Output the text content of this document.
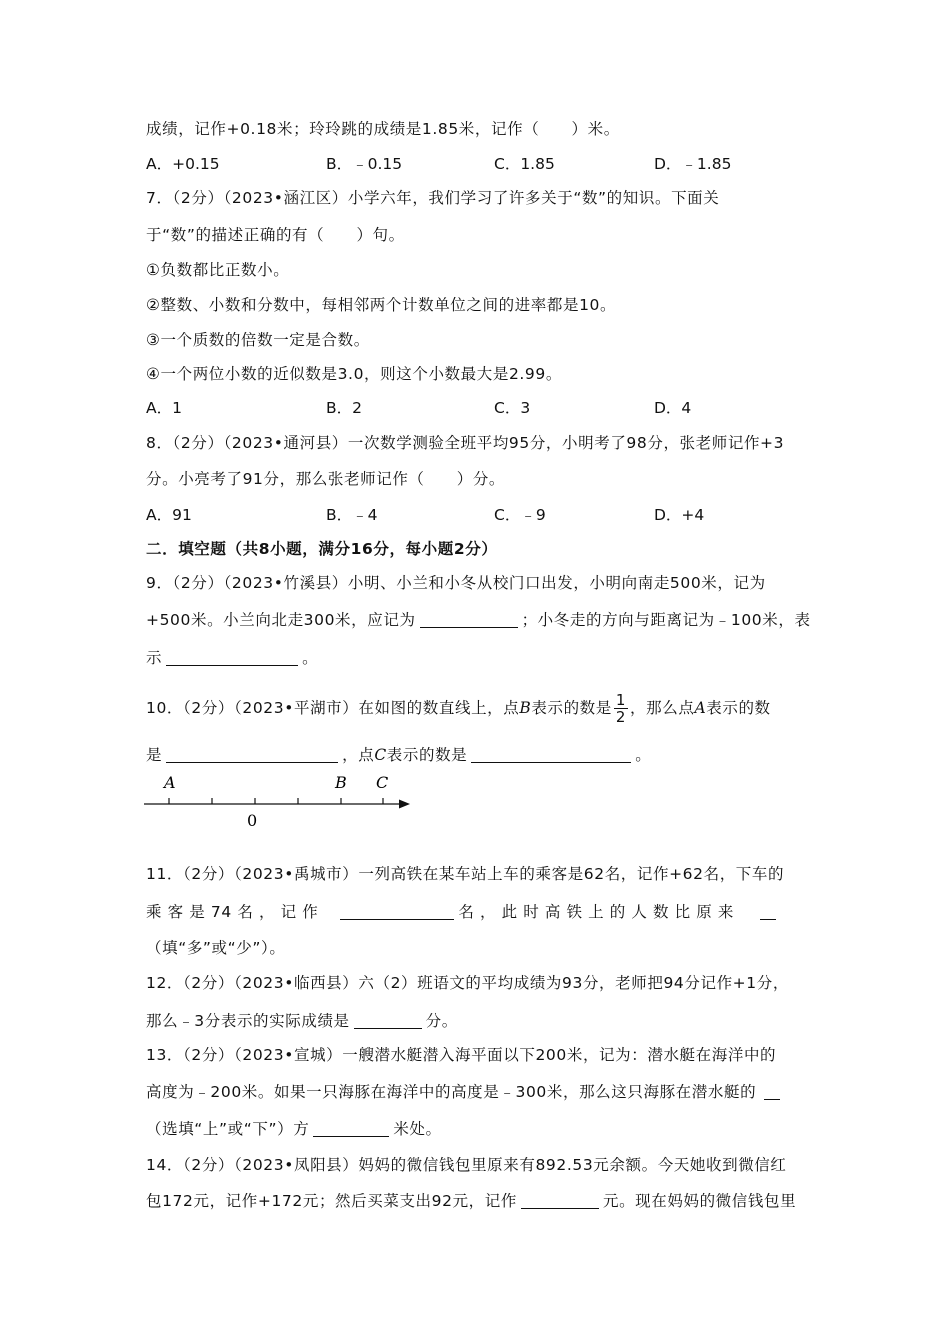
成绩，记作+0.18米；玲玲跳的成绩是1.85米，记作（　　）米。
A．+0.15	B．﹣0.15	C．1.85	D．﹣1.85
7．（2分）（2023•涵江区）小学六年，我们学习了许多关于“数”的知识。下面关
于“数”的描述正确的有（　　）句。
①负数都比正数小。
②整数、小数和分数中，每相邻两个计数单位之间的进率都是10。
③一个质数的倍数一定是合数。
④一个两位小数的近似数是3.0，则这个小数最大是2.99。
A．1	B．2	C．3	D．4
8．（2分）（2023•通河县）一次数学测验全班平均95分，小明考了98分，张老师记作+3
分。小亮考了91分，那么张老师记作（　　）分。
A．91	B．﹣4	C．﹣9	D．+4
二．填空题（共8小题，满分16分，每小题2分）
9．（2分）（2023•竹溪县）小明、小兰和小冬从校门口出发，小明向南走500米，记为
+500米。小兰向北走300米，应记为	；小冬走的方向与距离记为﹣100米，表
示	。
10．（2分）（2023•平湖市）在如图的数直线上，点B表示的数是 $\frac{1}{2}$ ，那么点A表示的数
是	，点C表示的数是	。
A	B C
0
11．（2分）（2023•禹城市）一列高铁在某车站上车的乘客是62名，记作+62名，下车的
乘 客 是 74 名 ， 记 作	名 ， 此 时 高 铁 上 的 人 数 比 原 来
（填“多”或“少”）。
12．（2分）（2023•临西县）六（2）班语文的平均成绩为93分，老师把94分记作+1分，
那么﹣3分表示的实际成绩是	分。
13．（2分）（2023•宣城）一艘潜水艇潜入海平面以下200米，记为：潜水艇在海洋中的
高度为﹣200米。如果一只海豚在海洋中的高度是﹣300米，那么这只海豚在潜水艇的
（选填“上”或“下”）方	米处。
14．（2分）（2023•凤阳县）妈妈的微信钱包里原来有892.53元余额。今天她收到微信红
包172元，记作+172元；然后买菜支出92元，记作	元。现在妈妈的微信钱包里
